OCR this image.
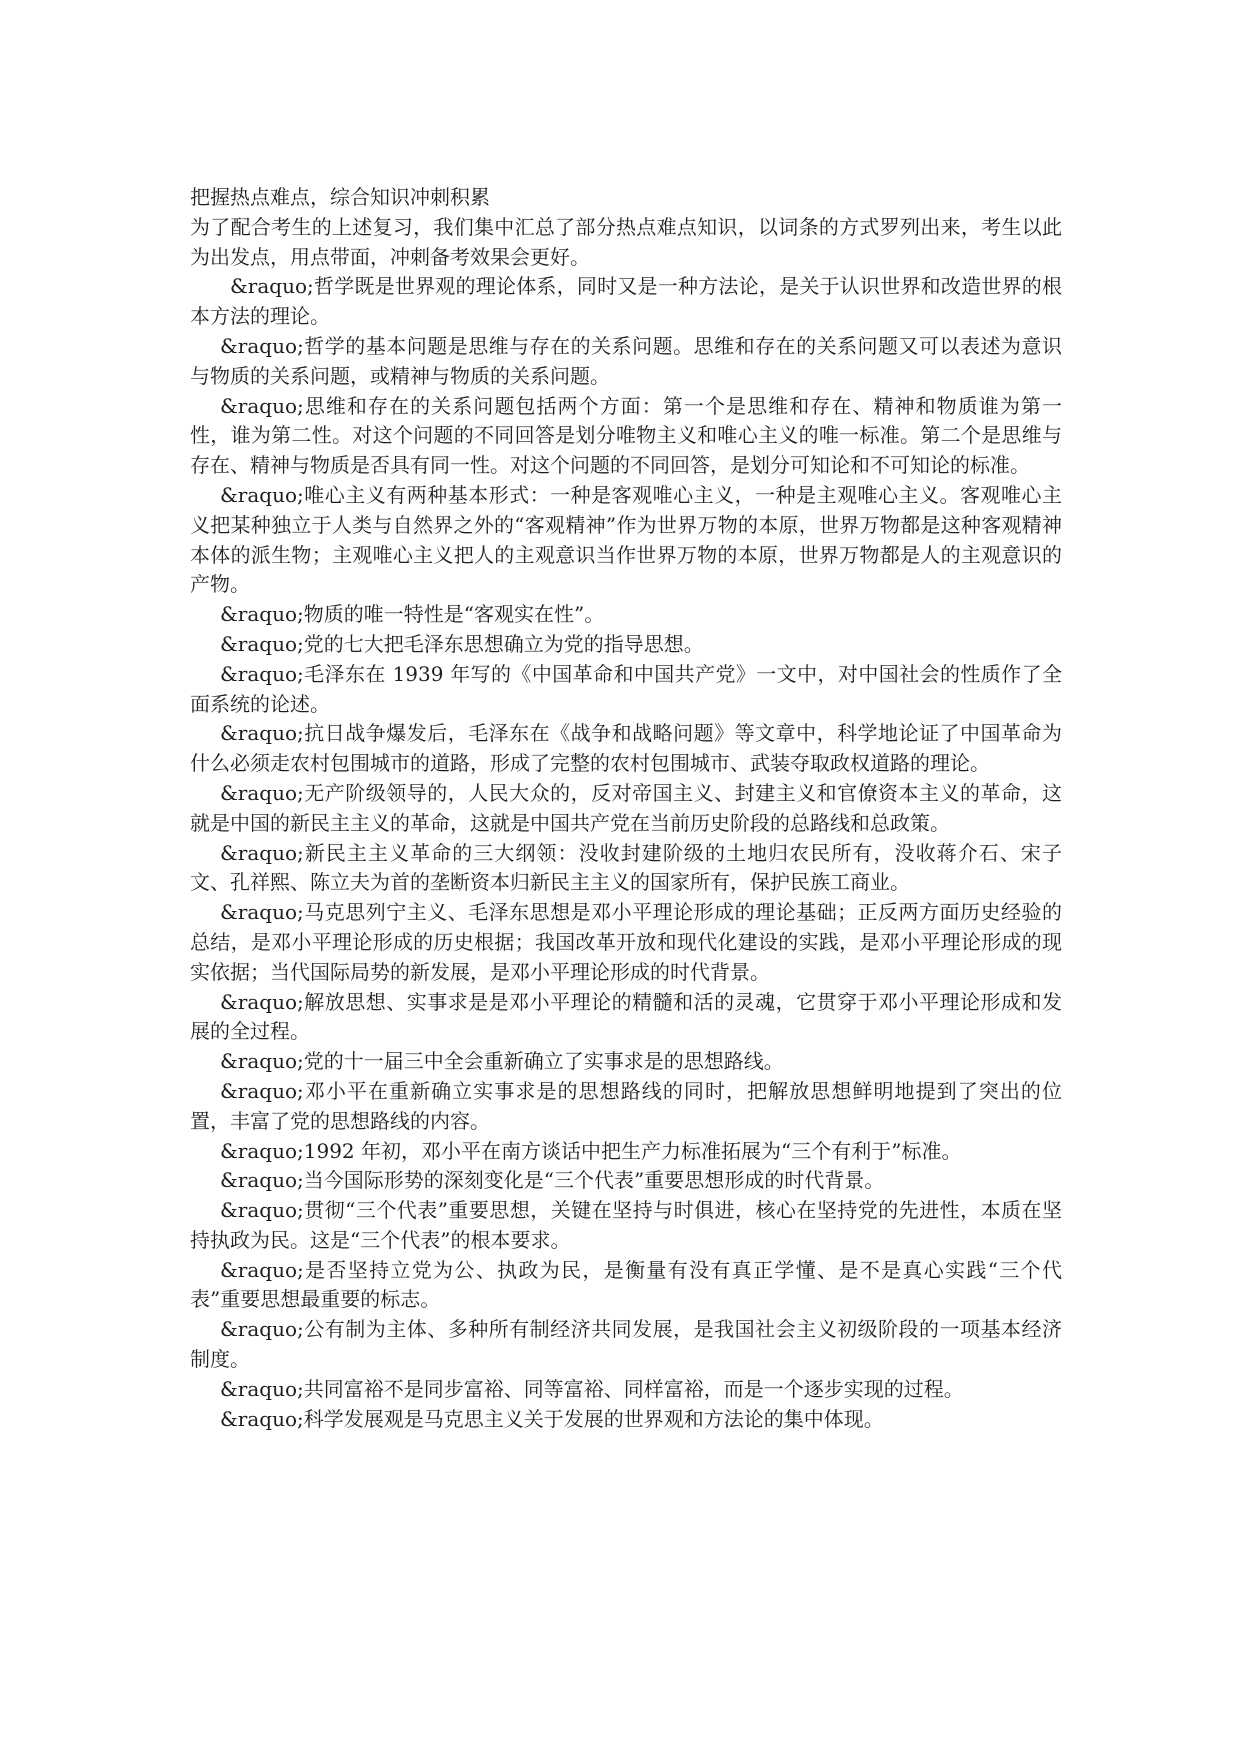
把握热点难点，综合知识冲刺积累

为了配合考生的上述复习，我们集中汇总了部分热点难点知识，以词条的方式罗列出来，考生以此为出发点，用点带面，冲刺备考效果会更好。

&raquo;哲学既是世界观的理论体系，同时又是一种方法论，是关于认识世界和改造世界的根本方法的理论。

&raquo;哲学的基本问题是思维与存在的关系问题。思维和存在的关系问题又可以表述为意识与物质的关系问题，或精神与物质的关系问题。

&raquo;思维和存在的关系问题包括两个方面：第一个是思维和存在、精神和物质谁为第一性，谁为第二性。对这个问题的不同回答是划分唯物主义和唯心主义的唯一标准。第二个是思维与存在、精神与物质是否具有同一性。对这个问题的不同回答，是划分可知论和不可知论的标准。

&raquo;唯心主义有两种基本形式：一种是客观唯心主义，一种是主观唯心主义。客观唯心主义把某种独立于人类与自然界之外的“客观精神”作为世界万物的本原，世界万物都是这种客观精神本体的派生物；主观唯心主义把人的主观意识当作世界万物的本原，世界万物都是人的主观意识的产物。

&raquo;物质的唯一特性是“客观实在性”。

&raquo;党的七大把毛泽东思想确立为党的指导思想。

&raquo;毛泽东在 1939 年写的《中国革命和中国共产党》一文中，对中国社会的性质作了全面系统的论述。

&raquo;抗日战争爆发后，毛泽东在《战争和战略问题》等文章中，科学地论证了中国革命为什么必须走农村包围城市的道路，形成了完整的农村包围城市、武装夺取政权道路的理论。

&raquo;无产阶级领导的，人民大众的，反对帝国主义、封建主义和官僚资本主义的革命，这就是中国的新民主主义的革命，这就是中国共产党在当前历史阶段的总路线和总政策。

&raquo;新民主主义革命的三大纲领：没收封建阶级的土地归农民所有，没收蒋介石、宋子文、孔祥熙、陈立夫为首的垄断资本归新民主主义的国家所有，保护民族工商业。

&raquo;马克思列宁主义、毛泽东思想是邓小平理论形成的理论基础；正反两方面历史经验的总结，是邓小平理论形成的历史根据；我国改革开放和现代化建设的实践，是邓小平理论形成的现实依据；当代国际局势的新发展，是邓小平理论形成的时代背景。

&raquo;解放思想、实事求是是邓小平理论的精髓和活的灵魂，它贯穿于邓小平理论形成和发展的全过程。

&raquo;党的十一届三中全会重新确立了实事求是的思想路线。

&raquo;邓小平在重新确立实事求是的思想路线的同时，把解放思想鲜明地提到了突出的位置，丰富了党的思想路线的内容。

&raquo;1992 年初，邓小平在南方谈话中把生产力标准拓展为“三个有利于”标准。

&raquo;当今国际形势的深刻变化是“三个代表”重要思想形成的时代背景。

&raquo;贯彻“三个代表”重要思想，关键在坚持与时俱进，核心在坚持党的先进性，本质在坚持执政为民。这是“三个代表”的根本要求。

&raquo;是否坚持立党为公、执政为民，是衡量有没有真正学懂、是不是真心实践“三个代表”重要思想最重要的标志。

&raquo;公有制为主体、多种所有制经济共同发展，是我国社会主义初级阶段的一项基本经济制度。

&raquo;共同富裕不是同步富裕、同等富裕、同样富裕，而是一个逐步实现的过程。

&raquo;科学发展观是马克思主义关于发展的世界观和方法论的集中体现。
